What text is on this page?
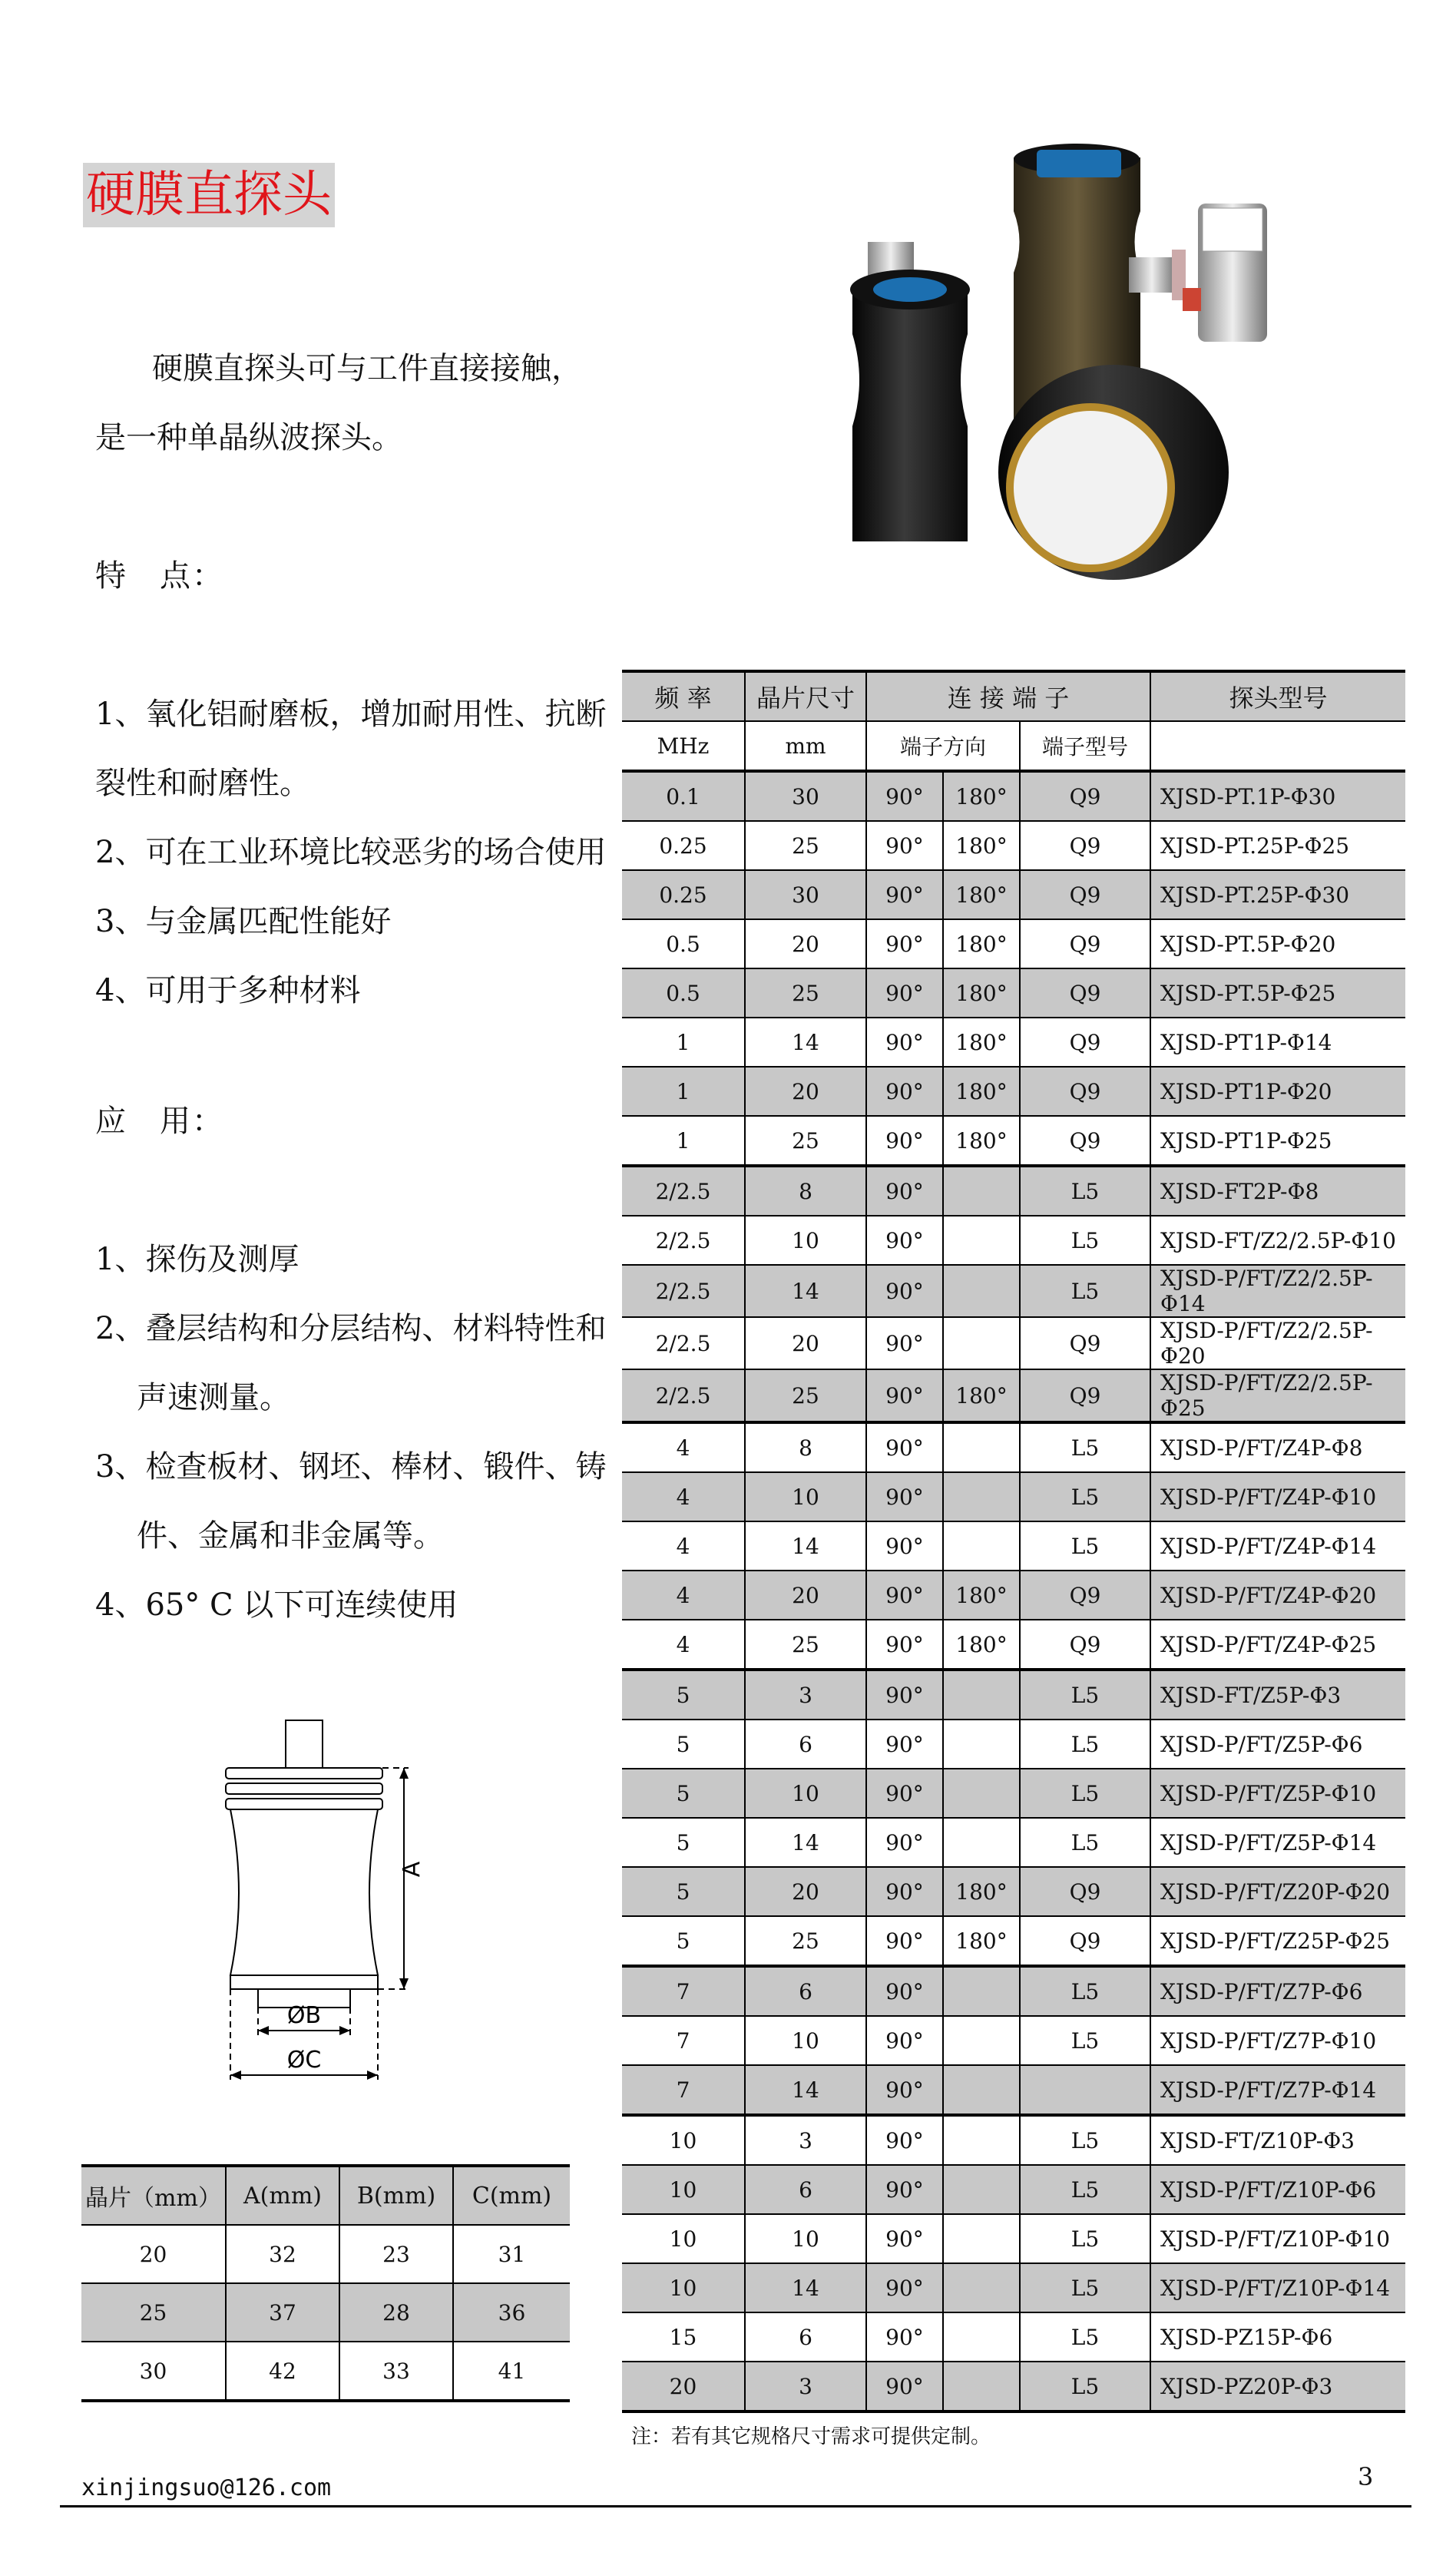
硬膜直探头
硬膜直探头可与工件直接接触，
是一种单晶纵波探头。
特　点：
1、氧化铝耐磨板，增加耐用性、抗断
裂性和耐磨性。
2、可在工业环境比较恶劣的场合使用
3、与金属匹配性能好
4、可用于多种材料
应　用：
1、探伤及测厚
2、叠层结构和分层结构、材料特性和
声速测量。
3、检查板材、钢坯、棒材、锻件、铸
件、金属和非金属等。
4、65° C 以下可连续使用
频 率	晶片尺寸	连 接 端 子			探头型号
MHz	mm	端子方向		端子型号	
0.1	30	90°	180°	Q9	XJSD-PT.1P-Φ30
0.25	25	90°	180°	Q9	XJSD-PT.25P-Φ25
0.25	30	90°	180°	Q9	XJSD-PT.25P-Φ30
0.5	20	90°	180°	Q9	XJSD-PT.5P-Φ20
0.5	25	90°	180°	Q9	XJSD-PT.5P-Φ25
1	14	90°	180°	Q9	XJSD-PT1P-Φ14
1	20	90°	180°	Q9	XJSD-PT1P-Φ20
1	25	90°	180°	Q9	XJSD-PT1P-Φ25
2/2.5	8	90°		L5	XJSD-FT2P-Φ8
2/2.5	10	90°		L5	XJSD-FT/Z2/2.5P-Φ10
2/2.5	14	90°		L5	XJSD-P/FT/Z2/2.5P-Φ14
2/2.5	20	90°		Q9	XJSD-P/FT/Z2/2.5P-Φ20
2/2.5	25	90°	180°	Q9	XJSD-P/FT/Z2/2.5P-Φ25
4	8	90°		L5	XJSD-P/FT/Z4P-Φ8
4	10	90°		L5	XJSD-P/FT/Z4P-Φ10
4	14	90°		L5	XJSD-P/FT/Z4P-Φ14
4	20	90°	180°	Q9	XJSD-P/FT/Z4P-Φ20
4	25	90°	180°	Q9	XJSD-P/FT/Z4P-Φ25
5	3	90°		L5	XJSD-FT/Z5P-Φ3
5	6	90°		L5	XJSD-P/FT/Z5P-Φ6
5	10	90°		L5	XJSD-P/FT/Z5P-Φ10
5	14	90°		L5	XJSD-P/FT/Z5P-Φ14
5	20	90°	180°	Q9	XJSD-P/FT/Z20P-Φ20
5	25	90°	180°	Q9	XJSD-P/FT/Z25P-Φ25
7	6	90°		L5	XJSD-P/FT/Z7P-Φ6
7	10	90°		L5	XJSD-P/FT/Z7P-Φ10
7	14	90°			XJSD-P/FT/Z7P-Φ14
10	3	90°		L5	XJSD-FT/Z10P-Φ3
10	6	90°		L5	XJSD-P/FT/Z10P-Φ6
10	10	90°		L5	XJSD-P/FT/Z10P-Φ10
10	14	90°		L5	XJSD-P/FT/Z10P-Φ14
15	6	90°		L5	XJSD-PZ15P-Φ6
20	3	90°		L5	XJSD-PZ20P-Φ3
注：若有其它规格尺寸需求可提供定制。
A
ØB
ØC
晶片（mm）	A(mm)	B(mm)	C(mm)
20	32	23	31
25	37	28	36
30	42	33	41
xinjingsuo@126.com	3
